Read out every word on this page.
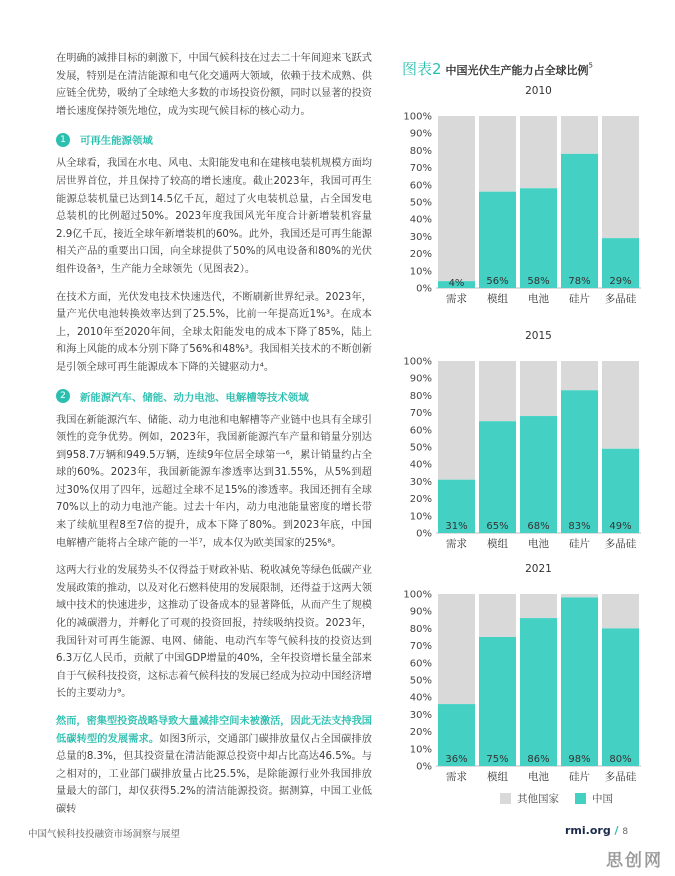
在明确的减排目标的刺激下，中国气候科技在过去二十年间迎来飞跃式发展，特别是在清洁能源和电气化交通两大领域，依赖于技术成熟、供应链全优势，吸纳了全球绝大多数的市场投资份额，同时以显著的投资增长速度保持领先地位，成为实现气候目标的核心动力。

1	可再生能源领域

从全球看，我国在水电、风电、太阳能发电和在建核电装机规模方面均居世界首位，并且保持了较高的增长速度。截止2023年，我国可再生能源总装机量已达到14.5亿千瓦，超过了火电装机总量，占全国发电总装机的比例超过50%。2023年度我国风光年度合计新增装机容量2.9亿千瓦，接近全球年新增装机的60%。此外，我国还是可再生能源相关产品的重要出口国，向全球提供了50%的风电设备和80%的光伏组件设备³，生产能力全球领先（见图表2）。

在技术方面，光伏发电技术快速迭代，不断刷新世界纪录。2023年，量产光伏电池转换效率达到了25.5%，比前一年提高近1%³。在成本上，2010年至2020年间，全球太阳能发电的成本下降了85%，陆上和海上风能的成本分别下降了56%和48%³。我国相关技术的不断创新是引领全球可再生能源成本下降的关键驱动力⁴。

2	新能源汽车、储能、动力电池、电解槽等技术领域

我国在新能源汽车、储能、动力电池和电解槽等产业链中也具有全球引领性的竞争优势。例如，2023年，我国新能源汽车产量和销量分别达到958.7万辆和949.5万辆，连续9年位居全球第一⁶，累计销量约占全球的60%。2023年，我国新能源车渗透率达到31.55%，从5%到超过30%仅用了四年，远超过全球不足15%的渗透率。我国还拥有全球70%以上的动力电池产能。过去十年内，动力电池能量密度的增长带来了续航里程8至7倍的提升，成本下降了80%。到2023年底，中国电解槽产能将占全球产能的一半⁷，成本仅为欧美国家的25%⁸。

这两大行业的发展势头不仅得益于财政补贴、税收减免等绿色低碳产业发展政策的推动，以及对化石燃料使用的发展限制，还得益于这两大领域中技术的快速进步，这推动了设备成本的显著降低，从而产生了规模化的减碳潜力，并孵化了可观的投资回报，持续吸纳投资。2023年，我国针对可再生能源、电网、储能、电动汽车等气候科技的投资达到6.3万亿人民币，贡献了中国GDP增量的40%，全年投资增长量全部来自于气候科技投资，这标志着气候科技的发展已经成为拉动中国经济增长的主要动力⁹。

然而，密集型投资战略导致大量减排空间未被激活，因此无法支持我国低碳转型的发展需求。如图3所示，交通部门碳排放量仅占全国碳排放总量的8.3%，但其投资量在清洁能源总投资中却占比高达46.5%。与之相对的，工业部门碳排放量占比25.5%，是除能源行业外我国排放量最大的部门，却仅获得5.2%的清洁能源投资。据测算，中国工业低碳转

图表2 中国光伏生产能力占全球比例$^5$
2010
0%
10%
20%
30%
40%
50%
60%
70%
80%
90%
100%
4%
需求
56%
模组
58%
电池
78%
硅片
29%
多晶硅
2015
0%
10%
20%
30%
40%
50%
60%
70%
80%
90%
100%
31%
需求
65%
模组
68%
电池
83%
硅片
49%
多晶硅
2021
0%
10%
20%
30%
40%
50%
60%
70%
80%
90%
100%
36%
需求
75%
模组
86%
电池
98%
硅片
80%
多晶硅
其他国家	中国
中国气候科技投融资市场洞察与展望	rmi.org / 8
思创网
